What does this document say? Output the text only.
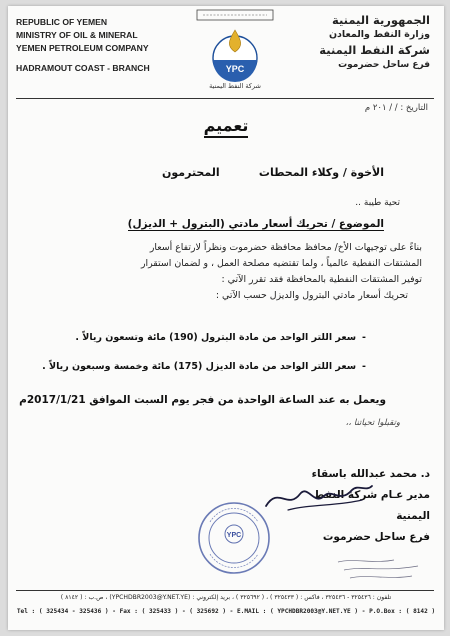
REPUBLIC OF YEMEN
MINISTRY OF OIL & MINERAL
YEMEN PETROLEUM COMPANY
HADRAMOUT COAST - BRANCH	YPC
شركة النفط اليمنية
الجمهورية اليمنية
وزارة النفط والمعادن
شركة النفط اليمنية
فرع ساحل حضرموت
التاريخ : / / ٢٠١ م
تعميم
الأخوة / وكلاء المحطات
المحترمون
تحية طيبة ..
الموضوع / تحريك أسعار مادتي (البترول + الديزل)
بناءً على توجيهات الأخ/ محافظ محافظة حضرموت ونظراً لارتفاع أسعار
المشتقات النفطية عالمياً ، ولما تقتضيه مصلحة العمل ، و لضمان استقرار
توفير المشتقات النفطية بالمحافظة فقد تقرر الآتي :
تحريك أسعار مادتي البترول والديزل حسب الآتي :
-سعر اللتر الواحد من مادة البترول (190) مائة وتسعون ريالاً .
-سعر اللتر الواحد من مادة الديزل (175) مائة وخمسة وسبعون ريالاً .
ويعمل به عند الساعة الواحدة من فجر يوم السبت الموافق 2017/1/21م
وتقبلوا تحياتنا ،،
د. محمد عبدالله باسقاء
مدير عـام شركة النفط اليمنية
فرع ساحل حضرموت
YPC
تلفون : ٣٢٥٤٣٦ - ٣٢٥٤٣٦ ، فاكس : ( ٣٢٥٤٣٣ ) ، ( ٣٢٥٦٩٢ ) ، بريد إلكتروني : (YPCHDBR2003@Y.NET.YE) ، ص.ب : ( ٨١٤٢ )
Tel : ( 325434 - 325436 ) - Fax : ( 325433 ) - ( 325692 ) - E.MAIL : ( YPCHDBR2003@Y.NET.YE ) - P.O.Box : ( 8142 )
